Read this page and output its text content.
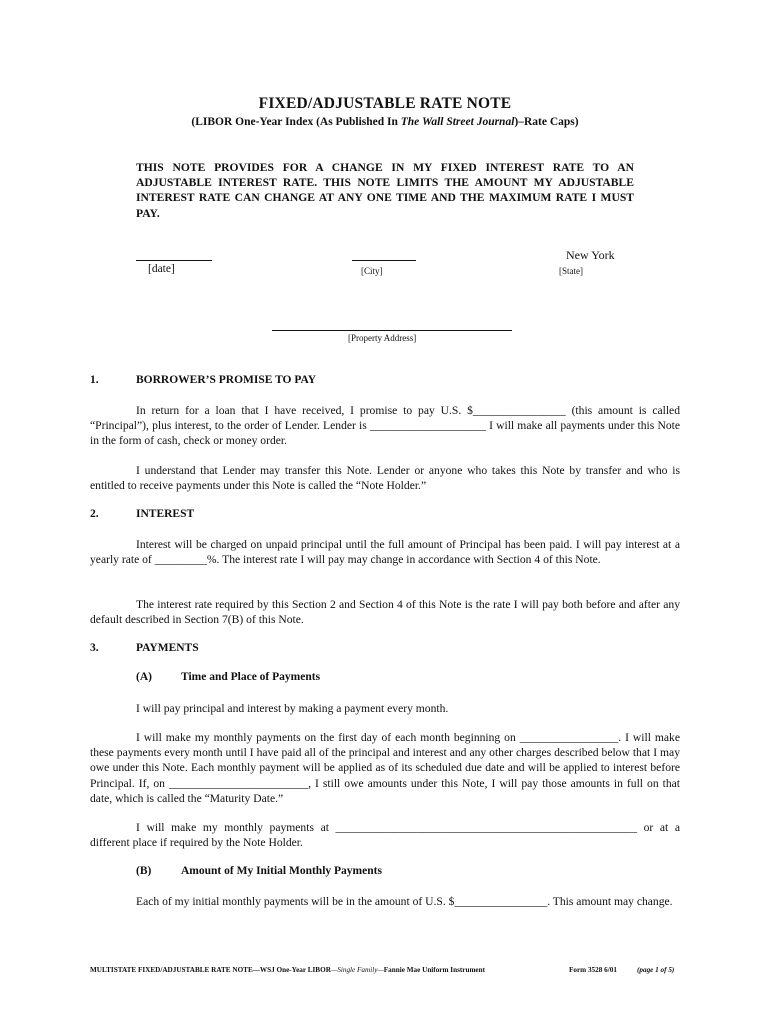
FIXED/ADJUSTABLE RATE NOTE
(LIBOR One-Year Index (As Published In The Wall Street Journal)–Rate Caps)
THIS NOTE PROVIDES FOR A CHANGE IN MY FIXED INTEREST RATE TO AN ADJUSTABLE INTEREST RATE. THIS NOTE LIMITS THE AMOUNT MY ADJUSTABLE INTEREST RATE CAN CHANGE AT ANY ONE TIME AND THE MAXIMUM RATE I MUST PAY.
[date]	[City]
New York
[State]
[Property Address]
1.	BORROWER’S PROMISE TO PAY
In return for a loan that I have received, I promise to pay U.S. $________________ (this amount is called “Principal”), plus interest, to the order of Lender. Lender is ____________________ I will make all payments under this Note in the form of cash, check or money order.
I understand that Lender may transfer this Note. Lender or anyone who takes this Note by transfer and who is entitled to receive payments under this Note is called the “Note Holder.”
2.	INTEREST
Interest will be charged on unpaid principal until the full amount of Principal has been paid. I will pay interest at a yearly rate of _________%. The interest rate I will pay may change in accordance with Section 4 of this Note.
The interest rate required by this Section 2 and Section 4 of this Note is the rate I will pay both before and after any default described in Section 7(B) of this Note.
3.	PAYMENTS
(A)	Time and Place of Payments
I will pay principal and interest by making a payment every month.
I will make my monthly payments on the first day of each month beginning on _________________. I will make these payments every month until I have paid all of the principal and interest and any other charges described below that I may owe under this Note. Each monthly payment will be applied as of its scheduled due date and will be applied to interest before Principal. If, on ________________________, I still owe amounts under this Note, I will pay those amounts in full on that date, which is called the “Maturity Date.”
I will make my monthly payments at ____________________________________________________ or at a different place if required by the Note Holder.
(B)	Amount of My Initial Monthly Payments
Each of my initial monthly payments will be in the amount of U.S. $________________. This amount may change.
MULTISTATE FIXED/ADJUSTABLE RATE NOTE—WSJ One-Year LIBOR—Single Family—Fannie Mae Uniform Instrument	Form 3528 6/01	(page 1 of 5)
